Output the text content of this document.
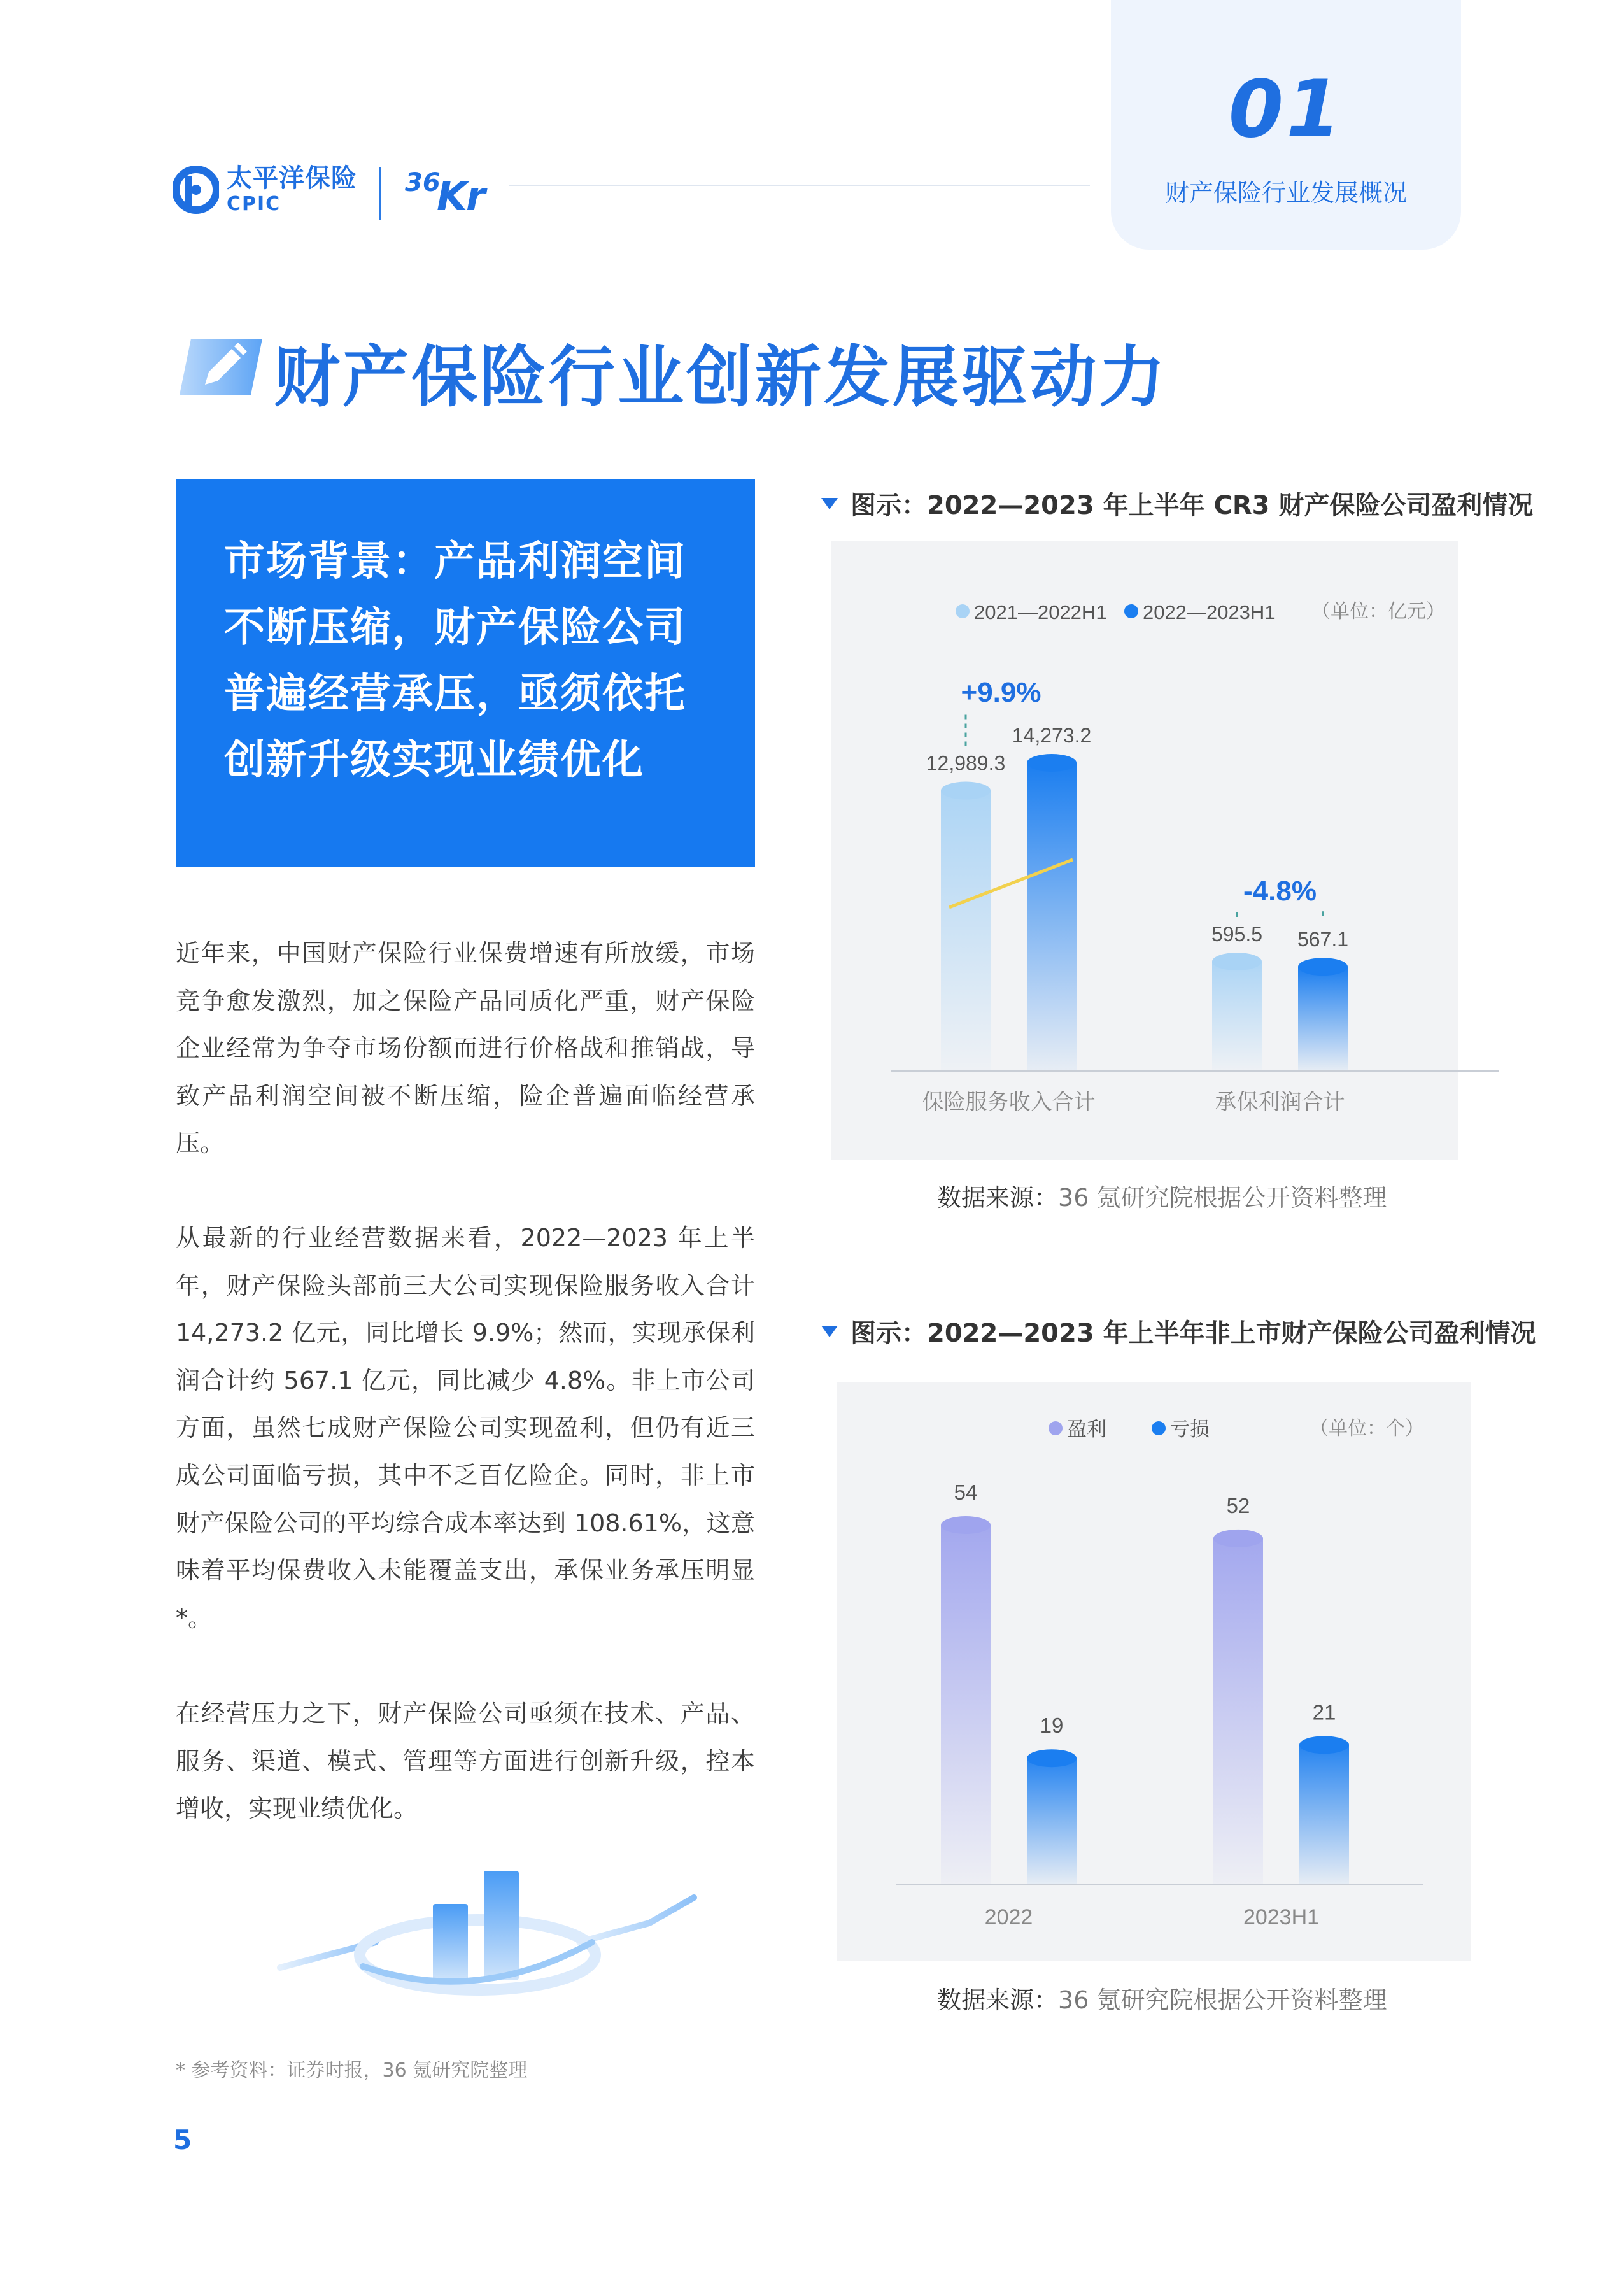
太平洋保险
CPIC
36
Kr
01
财产保险行业发展概况
财产保险行业创新发展驱动力
市场背景：产品利润空间不断压缩，财产保险公司普遍经营承压，亟须依托创新升级实现业绩优化

近年来，中国财产保险行业保费增速有所放缓，市场竞争愈发激烈，加之保险产品同质化严重，财产保险企业经常为争夺市场份额而进行价格战和推销战，导致产品利润空间被不断压缩，险企普遍面临经营承压。

从最新的行业经营数据来看，2022—2023 年上半年，财产保险头部前三大公司实现保险服务收入合计 14,273.2 亿元，同比增长 9.9%；然而，实现承保利润合计约 567.1 亿元，同比减少 4.8%。非上市公司方面，虽然七成财产保险公司实现盈利，但仍有近三成公司面临亏损，其中不乏百亿险企。同时，非上市财产保险公司的平均综合成本率达到 108.61%，这意味着平均保费收入未能覆盖支出，承保业务承压明显 *。

在经营压力之下，财产保险公司亟须在技术、产品、服务、渠道、模式、管理等方面进行创新升级，控本增收，实现业绩优化。

* 参考资料：证券时报，36 氪研究院整理
5
图示：2022—2023 年上半年 CR3 财产保险公司盈利情况
2021—2022H1 2022—2023H1 （单位：亿元）
12,989.3
14,273.2
+9.9%
保险服务收入合计
595.5 567.1
-4.8%
承保利润合计
数据来源：36 氪研究院根据公开资料整理
图示：2022—2023 年上半年非上市财产保险公司盈利情况
盈利	亏损	（单位：个）
54
19
2022
52
21
2023H1
数据来源：36 氪研究院根据公开资料整理
